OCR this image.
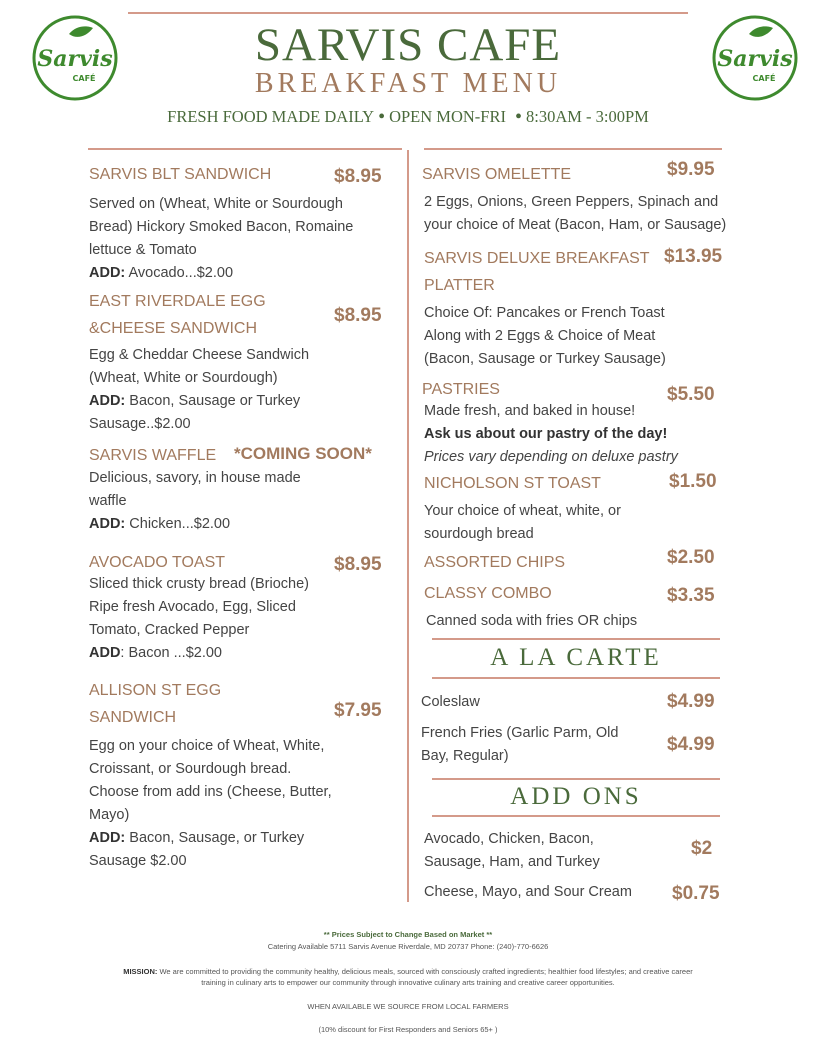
Sarvis
CAFÉ
Sarvis
CAFÉ
SARVIS CAFE
BREAKFAST MENU
FRESH FOOD MADE DAILY • OPEN MON-FRI • 8:30AM - 3:00PM
SARVIS BLT SANDWICH	$8.95
Served on (Wheat, White or Sourdough
Bread) Hickory Smoked Bacon, Romaine
lettuce & Tomato
ADD: Avocado...$2.00
EAST RIVERDALE EGG
&CHEESE SANDWICH
$8.95
Egg & Cheddar Cheese Sandwich
(Wheat, White or Sourdough)
ADD: Bacon, Sausage or Turkey
Sausage..$2.00
SARVIS WAFFLE *COMING SOON*
Delicious, savory, in house made
waffle
ADD: Chicken...$2.00
AVOCADO TOAST	$8.95
Sliced thick crusty bread (Brioche)
Ripe fresh Avocado, Egg, Sliced
Tomato, Cracked Pepper
ADD: Bacon ...$2.00
ALLISON ST EGG
SANDWICH	$7.95
Egg on your choice of Wheat, White,
Croissant, or Sourdough bread.
Choose from add ins (Cheese, Butter,
Mayo)
ADD: Bacon, Sausage, or Turkey
Sausage $2.00
SARVIS OMELETTE	$9.95
2 Eggs, Onions, Green Peppers, Spinach and
your choice of Meat (Bacon, Ham, or Sausage)
SARVIS DELUXE BREAKFAST
PLATTER
$13.95
Choice Of: Pancakes or French Toast
Along with 2 Eggs & Choice of Meat
(Bacon, Sausage or Turkey Sausage)
PASTRIES	$5.50
Made fresh, and baked in house!
Ask us about our pastry of the day!
Prices vary depending on deluxe pastry
NICHOLSON ST TOAST	$1.50
Your choice of wheat, white, or
sourdough bread
ASSORTED CHIPS	$2.50
CLASSY COMBO	$3.35
Canned soda with fries OR chips
A LA CARTE
Coleslaw	$4.99
French Fries (Garlic Parm, Old
Bay, Regular)
$4.99
ADD ONS
Avocado, Chicken, Bacon,
Sausage, Ham, and Turkey
$2
Cheese, Mayo, and Sour Cream $0.75
** Prices Subject to Change Based on Market **
Catering Available 5711 Sarvis Avenue Riverdale, MD 20737 Phone: (240)-770-6626
MISSION: We are committed to providing the community healthy, delicious meals, sourced with consciously crafted ingredients; healthier food lifestyles; and creative career
training in culinary arts to empower our community through innovative culinary arts training and creative career opportunities.
WHEN AVAILABLE WE SOURCE FROM LOCAL FARMERS
(10% discount for First Responders and Seniors 65+ )
